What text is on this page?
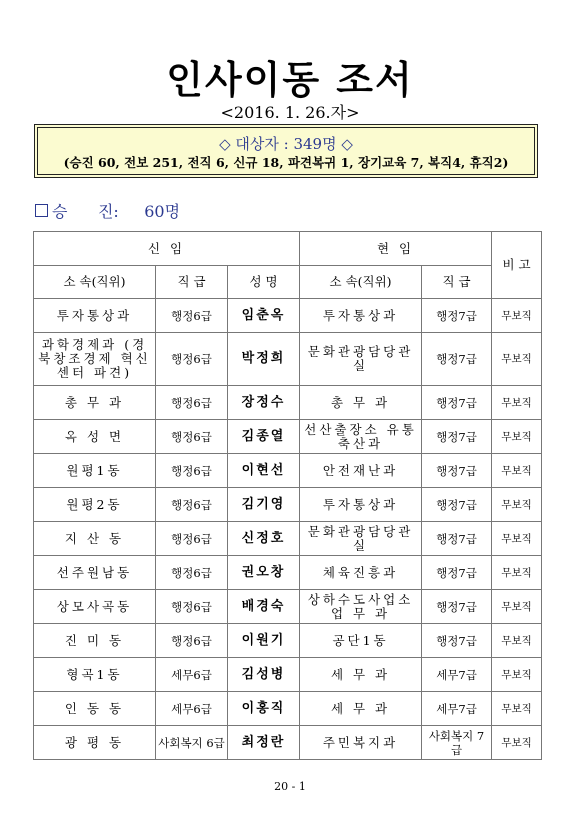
인사이동 조서
<2016. 1. 26.자>
◇ 대상자 : 349명 ◇
(승진 60, 전보 251, 전직 6, 신규 18, 파견복귀 1, 장기교육 7, 복직4, 휴직2)
승      진:     60명
신 임			현 임		비 고
소 속(직위)	직 급	성 명	소 속(직위)	직 급	
투자통상과	행정6급	임춘옥	투자통상과	행정7급	무보직
과학경제과 (경북창조경제 혁신센터 파견)	행정6급	박정희	문화관광담당관실	행정7급	무보직
총 무 과	행정6급	장정수	총 무 과	행정7급	무보직
옥 성 면	행정6급	김종열	선산출장소 유통축산과	행정7급	무보직
원평1동	행정6급	이현선	안전재난과	행정7급	무보직
원평2동	행정6급	김기영	투자통상과	행정7급	무보직
지 산 동	행정6급	신정호	문화관광담당관실	행정7급	무보직
선주원남동	행정6급	권오창	체육진흥과	행정7급	무보직
상모사곡동	행정6급	배경숙	상하수도사업소 업 무 과	행정7급	무보직
진 미 동	행정6급	이원기	공단1동	행정7급	무보직
형곡1동	세무6급	김성병	세 무 과	세무7급	무보직
인 동 동	세무6급	이홍직	세 무 과	세무7급	무보직
광 평 동	사회복지 6급	최정란	주민복지과	사회복지 7급	무보직
20 - 1
